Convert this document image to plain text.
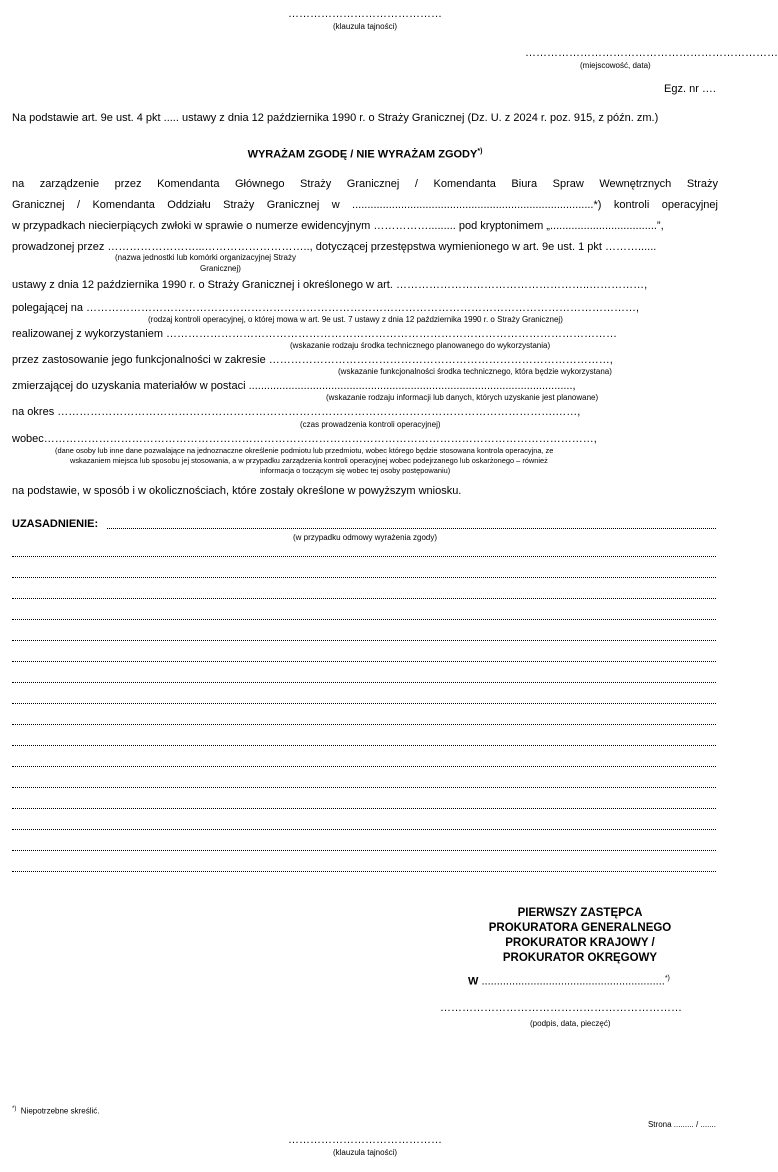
……………………………………
(klauzula tajności)
……………………………………………………………
(miejscowość, data)
Egz. nr ….
Na podstawie art. 9e ust. 4 pkt ..... ustawy z dnia 12 października 1990 r. o Straży Granicznej (Dz. U. z 2024 r. poz. 915, z późn. zm.)
WYRAŻAM ZGODĘ / NIE WYRAŻAM ZGODY*)
na zarządzenie przez Komendanta Głównego Straży Granicznej / Komendanta Biura Spraw Wewnętrznych Straży
Granicznej / Komendanta Oddziału Straży Granicznej w ...............................................................................*) kontroli operacyjnej
w przypadkach niecierpiących zwłoki w sprawie o numerze ewidencyjnym ……………......... pod kryptonimem „...................................”,
prowadzonej przez ……………………...……………………….., dotyczącej przestępstwa wymienionego w art. 9e ust. 1 pkt ………......
(nazwa jednostki lub komórki organizacyjnej Straży
Granicznej)
ustawy z dnia 12 października 1990 r. o Straży Granicznej i określonego w art. ……………………………………………..……………,
polegającej na ……………………………………………………………………………………………………………………………………,
(rodzaj kontroli operacyjnej, o której mowa w art. 9e ust. 7 ustawy z dnia 12 października 1990 r. o Straży Granicznej)
realizowanej z wykorzystaniem ……………………………………………………………………………………………………………
(wskazanie rodzaju środka technicznego planowanego do wykorzystania)
przez zastosowanie jego funkcjonalności w zakresie …………………………………………………………………………………,
(wskazanie funkcjonalności środka technicznego, która będzie wykorzystana)
zmierzającej do uzyskania materiałów w postaci ..........................................................................................................,
(wskazanie rodzaju informacji lub danych, których uzyskanie jest planowane)
na okres ……………………………………………………………………………………………………………………….……,
(czas prowadzenia kontroli operacyjnej)
wobec……………………………………………………………………………………………………………………………………,
(dane osoby lub inne dane pozwalające na jednoznaczne określenie podmiotu lub przedmiotu, wobec którego będzie stosowana kontrola operacyjna, ze
wskazaniem miejsca lub sposobu jej stosowania, a w przypadku zarządzenia kontroli operacyjnej wobec podejrzanego lub oskarżonego – również
informacja o toczącym się wobec tej osoby postępowaniu)
na podstawie, w sposób i w okolicznościach, które zostały określone w powyższym wniosku.
UZASADNIENIE:
(w przypadku odmowy wyrażenia zgody)
PIERWSZY ZASTĘPCA
PROKURATORA GENERALNEGO
PROKURATOR KRAJOWY /
PROKURATOR OKRĘGOWY
W ............................................................*)
…………………………………………………………
(podpis, data, pieczęć)
*) Niepotrzebne skreślić.
Strona ......... / .......
……………………………………
(klauzula tajności)
